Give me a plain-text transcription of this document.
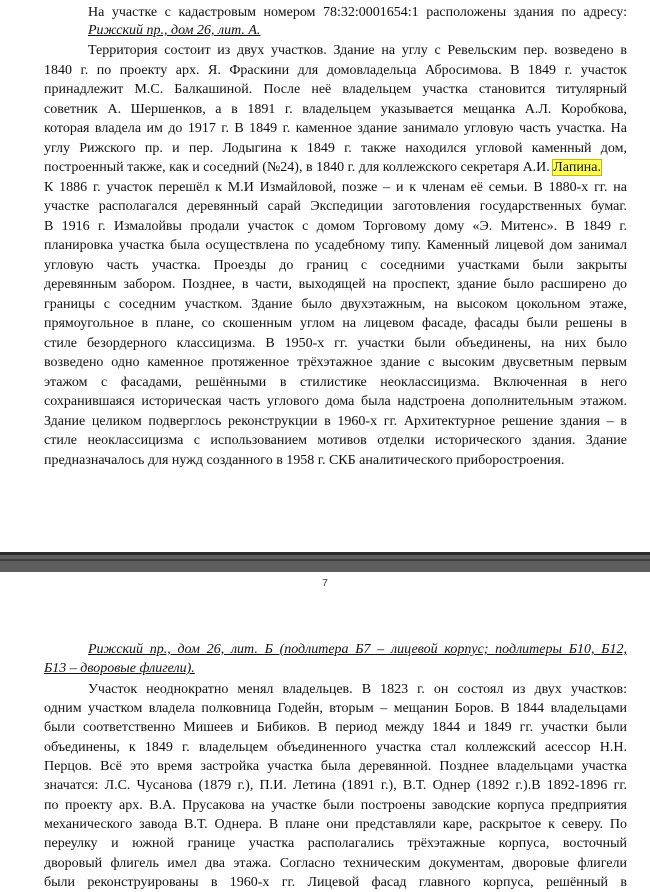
На участке с кадастровым номером 78:32:0001654:1 расположены здания по адресу:
Рижский пр., дом 26, лит. А.
Территория состоит из двух участков. Здание на углу с Ревельским пер. возведено в
1840 г. по проекту арх. Я. Фраскини для домовладельца Абросимова. В 1849 г. участок
принадлежит М.С. Балкашиной. После неё владельцем участка становится титулярный
советник А. Шершенков, а в 1891 г. владельцем указывается мещанка А.Л. Коробкова,
которая владела им до 1917 г. В 1849 г. каменное здание занимало угловую часть участка. На
углу Рижского пр. и пер. Лодыгина к 1849 г. также находился угловой каменный дом,
построенный также, как и соседний (№24), в 1840 г. для коллежского секретаря А.И. Лапина.
К 1886 г. участок перешёл к М.И Измайловой, позже – и к членам её семьи. В 1880-х гг. на
участке располагался деревянный сарай Экспедиции заготовления государственных бумаг.
В 1916 г. Измалойвы продали участок с домом Торговому дому «Э. Митенс». В 1849 г.
планировка участка была осуществлена по усадебному типу. Каменный лицевой дом занимал
угловую часть участка. Проезды до границ с соседними участками были закрыты
деревянным забором. Позднее, в части, выходящей на проспект, здание было расширено до
границы с соседним участком. Здание было двухэтажным, на высоком цокольном этаже,
прямоугольное в плане, со скошенным углом на лицевом фасаде, фасады были решены в
стиле безордерного классицизма. В 1950-х гг. участки были объединены, на них было
возведено одно каменное протяженное трёхэтажное здание с высоким двусветным первым
этажом с фасадами, решёнными в стилистике неоклассицизма. Включенная в него
сохранившаяся историческая часть углового дома была надстроена дополнительным этажом.
Здание целиком подверглось реконструкции в 1960-х гг. Архитектурное решение здания – в
стиле неоклассицизма с использованием мотивов отделки исторического здания. Здание
предназначалось для нужд созданного в 1958 г. СКБ аналитического приборостроения.
7
Рижский пр., дом 26, лит. Б (подлитера Б7 – лицевой корпус; подлитеры Б10, Б12,
Б13 – дворовые флигели).
Участок неоднократно менял владельцев. В 1823 г. он состоял из двух участков:
одним участком владела полковница Годейн, вторым – мещанин Боров. В 1844 владельцами
были соответственно Мишеев и Бибиков. В период между 1844 и 1849 гг. участки были
объединены, к 1849 г. владельцем объединенного участка стал коллежский асессор Н.Н.
Перцов. Всё это время застройка участка была деревянной. Позднее владельцами участка
значатся: Л.С. Чусанова (1879 г.), П.И. Летина (1891 г.), В.Т. Однер (1892 г.).В 1892-1896 гг.
по проекту арх. В.А. Прусакова на участке были построены заводские корпуса предприятия
механического завода В.Т. Однера. В плане они представляли каре, раскрытое к северу. По
переулку и южной границе участка располагались трёхэтажные корпуса, восточный
дворовый флигель имел два этажа. Согласно техническим документам, дворовые флигели
были реконструированы в 1960-х гг. Лицевой фасад главного корпуса, решённый в
